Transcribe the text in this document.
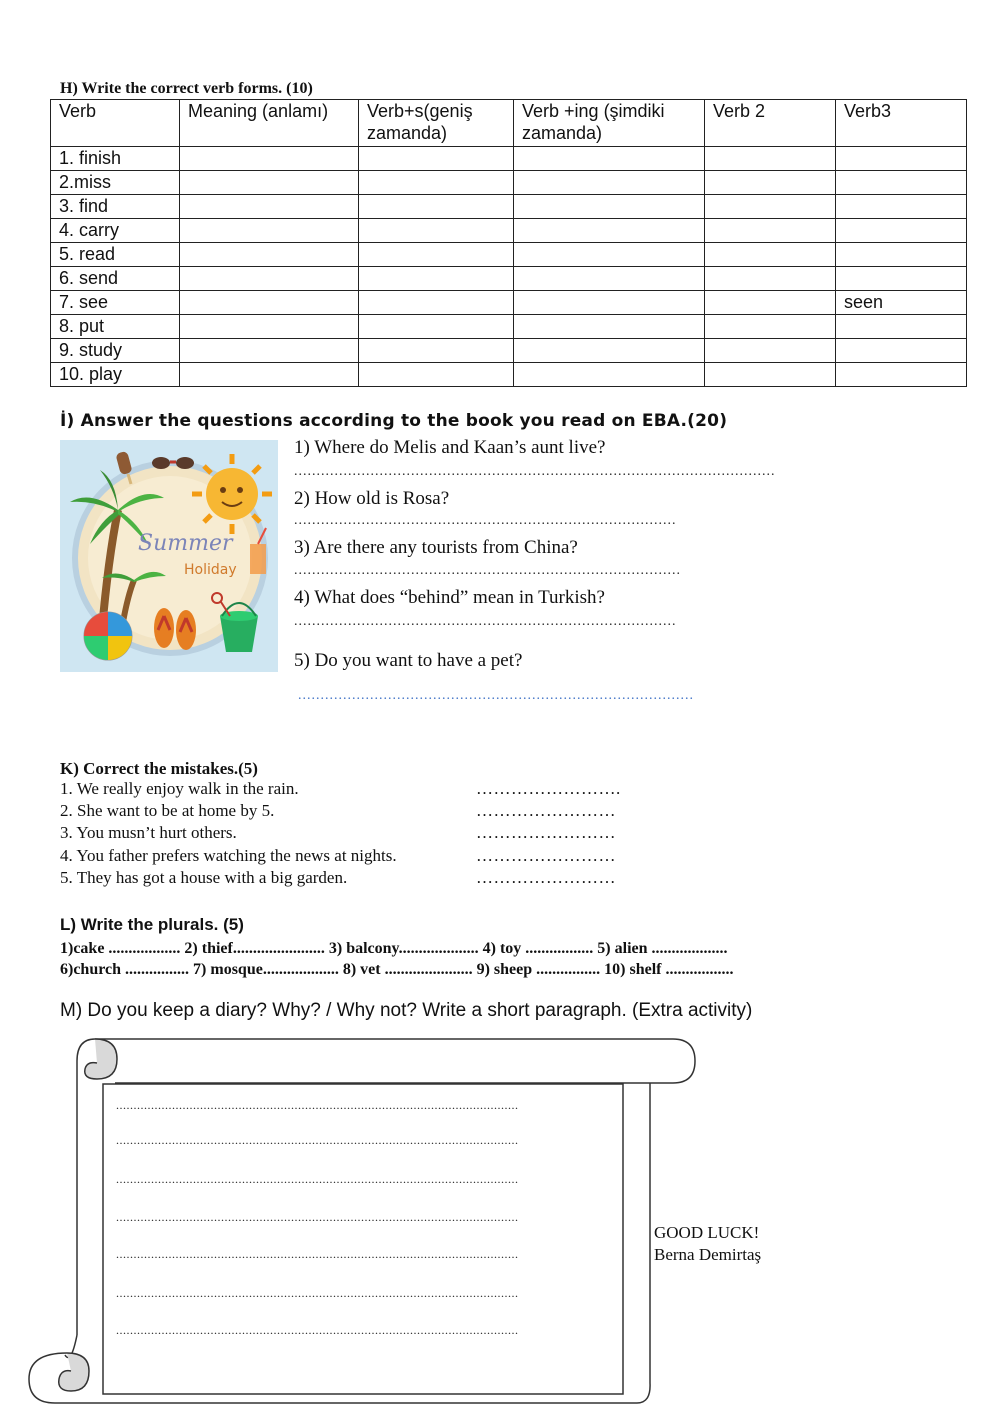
H) Write the correct verb forms. (10)
Verb	Meaning (anlamı)	Verb+s(geniş zamanda)	Verb +ing (şimdiki zamanda)	Verb 2	Verb3
1. finish					
2.miss					
3. find					
4. carry					
5. read					
6. send					
7. see					seen
8. put					
9. study					
10. play					
İ) Answer the questions according to the book you read on EBA.(20)
Summer
Holiday
1) Where do Melis and Kaan’s aunt live?
...........................................................................................................
2) How old is Rosa?
.....................................................................................
3) Are there any tourists from China?
......................................................................................
4) What does “behind” mean in Turkish?
.....................................................................................
5) Do you want to have a pet?
........................................................................................
K) Correct the mistakes.(5)
1. We really enjoy walk in the rain.	…………………….
2. She want to be at home by 5.	……………………
3. You musn’t hurt others.	……………………
4. You father prefers watching the news at nights.	……………………
5. They has got a house with a big garden.	……………………
L) Write the plurals. (5)
1)cake .................. 2) thief....................... 3) balcony.................... 4) toy ................. 5) alien ...................
6)church ................ 7) mosque................... 8) vet ...................... 9) sheep ................ 10) shelf .................
M) Do you keep a diary? Why? / Why not? Write a short paragraph. (Extra activity)
...................................................................................................................
...................................................................................................................
...................................................................................................................
...................................................................................................................
...................................................................................................................
...................................................................................................................
...................................................................................................................
GOOD LUCK!
Berna Demirtaş
